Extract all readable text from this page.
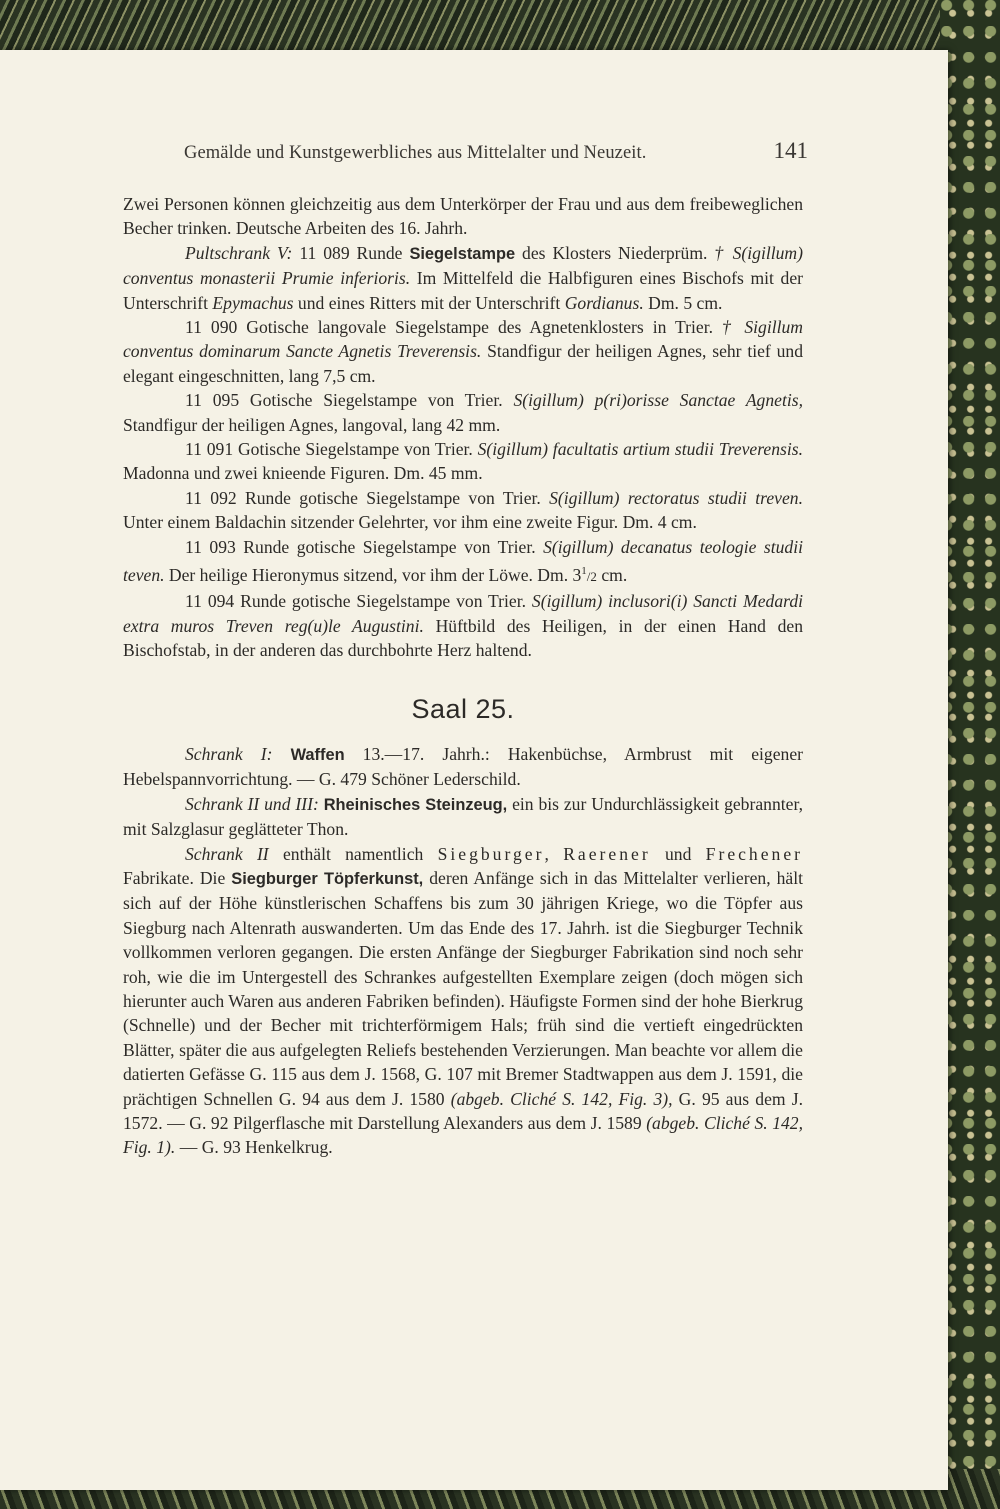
Gemälde und Kunstgewerbliches aus Mittelalter und Neuzeit.	141

Zwei Personen können gleichzeitig aus dem Unterkörper der Frau und aus dem freibeweglichen Becher trinken. Deutsche Arbeiten des 16. Jahrh.

Pultschrank V: 11 089 Runde Siegelstampe des Klosters Niederprüm. † S(igillum) conventus monasterii Prumie inferioris. Im Mittelfeld die Halbfiguren eines Bischofs mit der Unterschrift Epymachus und eines Ritters mit der Unterschrift Gordianus. Dm. 5 cm.

11 090 Gotische langovale Siegelstampe des Agnetenklosters in Trier. † Sigillum conventus dominarum Sancte Agnetis Treverensis. Standfigur der heiligen Agnes, sehr tief und elegant eingeschnitten, lang 7,5 cm.

11 095 Gotische Siegelstampe von Trier. S(igillum) p(ri)orisse Sanctae Agnetis, Standfigur der heiligen Agnes, langoval, lang 42 mm.

11 091 Gotische Siegelstampe von Trier. S(igillum) facultatis artium studii Treverensis. Madonna und zwei knieende Figuren. Dm. 45 mm.

11 092 Runde gotische Siegelstampe von Trier. S(igillum) rectoratus studii treven. Unter einem Baldachin sitzender Gelehrter, vor ihm eine zweite Figur. Dm. 4 cm.

11 093 Runde gotische Siegelstampe von Trier. S(igillum) decanatus teologie studii teven. Der heilige Hieronymus sitzend, vor ihm der Löwe. Dm. $3^1/2$ cm.

11 094 Runde gotische Siegelstampe von Trier. S(igillum) inclusori(i) Sancti Medardi extra muros Treven reg(u)le Augustini. Hüftbild des Heiligen, in der einen Hand den Bischofstab, in der anderen das durchbohrte Herz haltend.

Saal 25.

Schrank I: Waffen 13.—17. Jahrh.: Hakenbüchse, Armbrust mit eigener Hebelspannvorrichtung. — G. 479 Schöner Lederschild.

Schrank II und III: Rheinisches Steinzeug, ein bis zur Undurchlässigkeit gebrannter, mit Salzglasur geglätteter Thon.

Schrank II enthält namentlich Siegburger, Raerener und Frechener Fabrikate. Die Siegburger Töpferkunst, deren Anfänge sich in das Mittelalter verlieren, hält sich auf der Höhe künstlerischen Schaffens bis zum 30 jährigen Kriege, wo die Töpfer aus Siegburg nach Altenrath auswanderten. Um das Ende des 17. Jahrh. ist die Siegburger Technik vollkommen verloren gegangen. Die ersten Anfänge der Siegburger Fabrikation sind noch sehr roh, wie die im Untergestell des Schrankes aufgestellten Exemplare zeigen (doch mögen sich hierunter auch Waren aus anderen Fabriken befinden). Häufigste Formen sind der hohe Bierkrug (Schnelle) und der Becher mit trichterförmigem Hals; früh sind die vertieft eingedrückten Blätter, später die aus aufgelegten Reliefs bestehenden Verzierungen. Man beachte vor allem die datierten Gefässe G. 115 aus dem J. 1568, G. 107 mit Bremer Stadtwappen aus dem J. 1591, die prächtigen Schnellen G. 94 aus dem J. 1580 (abgeb. Cliché S. 142, Fig. 3), G. 95 aus dem J. 1572. — G. 92 Pilgerflasche mit Darstellung Alexanders aus dem J. 1589 (abgeb. Cliché S. 142, Fig. 1). — G. 93 Henkelkrug.
